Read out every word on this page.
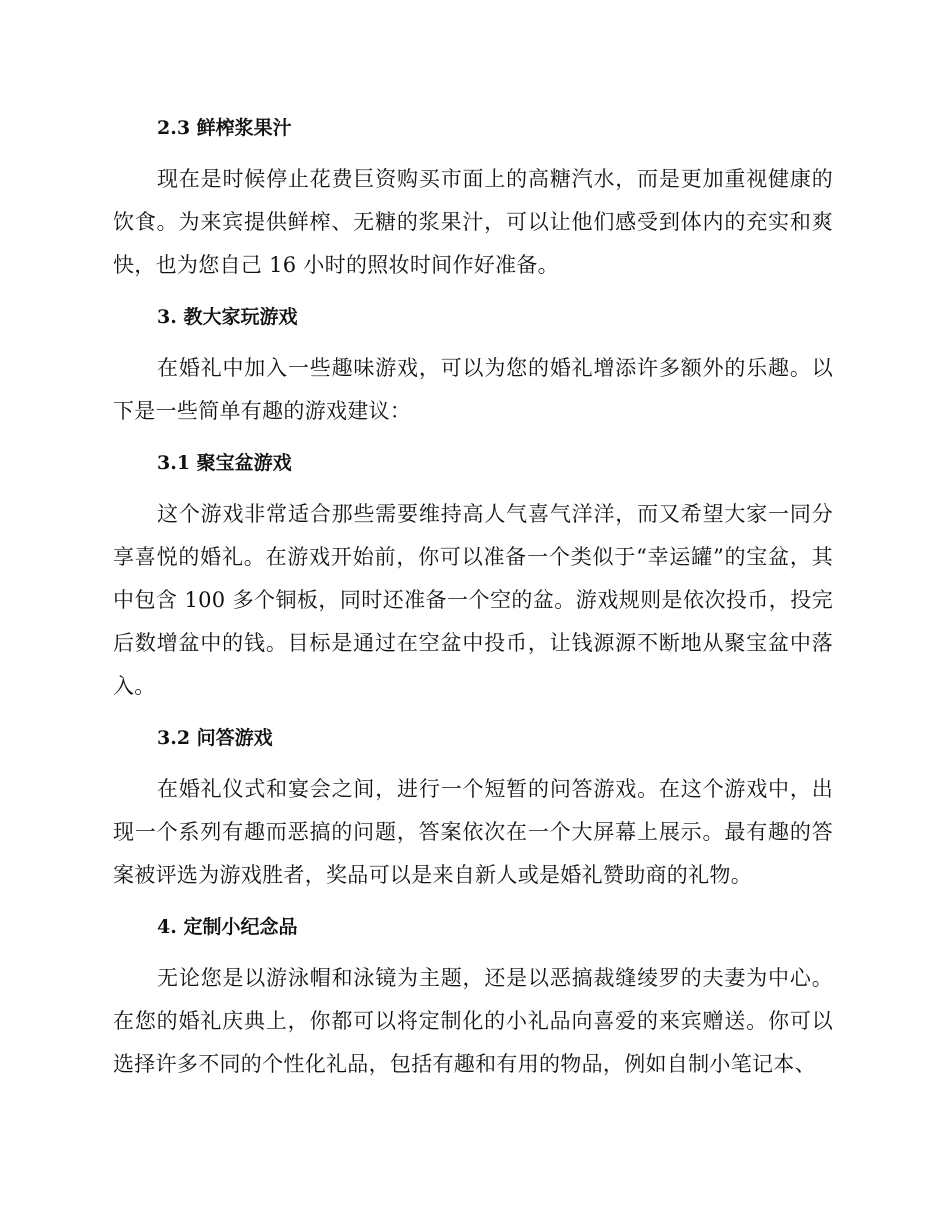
2.3 鲜榨浆果汁

现在是时候停止花费巨资购买市面上的高糖汽水，而是更加重视健康的饮食。为来宾提供鲜榨、无糖的浆果汁，可以让他们感受到体内的充实和爽快，也为您自己 16 小时的照妆时间作好准备。

3. 教大家玩游戏

在婚礼中加入一些趣味游戏，可以为您的婚礼增添许多额外的乐趣。以下是一些简单有趣的游戏建议：

3.1 聚宝盆游戏

这个游戏非常适合那些需要维持高人气喜气洋洋，而又希望大家一同分享喜悦的婚礼。在游戏开始前，你可以准备一个类似于“幸运罐”的宝盆，其中包含 100 多个铜板，同时还准备一个空的盆。游戏规则是依次投币，投完后数增盆中的钱。目标是通过在空盆中投币，让钱源源不断地从聚宝盆中落入。

3.2 问答游戏

在婚礼仪式和宴会之间，进行一个短暂的问答游戏。在这个游戏中，出现一个系列有趣而恶搞的问题，答案依次在一个大屏幕上展示。最有趣的答案被评选为游戏胜者，奖品可以是来自新人或是婚礼赞助商的礼物。

4. 定制小纪念品

无论您是以游泳帽和泳镜为主题，还是以恶搞裁缝绫罗的夫妻为中心。在您的婚礼庆典上，你都可以将定制化的小礼品向喜爱的来宾赠送。你可以选择许多不同的个性化礼品，包括有趣和有用的物品，例如自制小笔记本、
